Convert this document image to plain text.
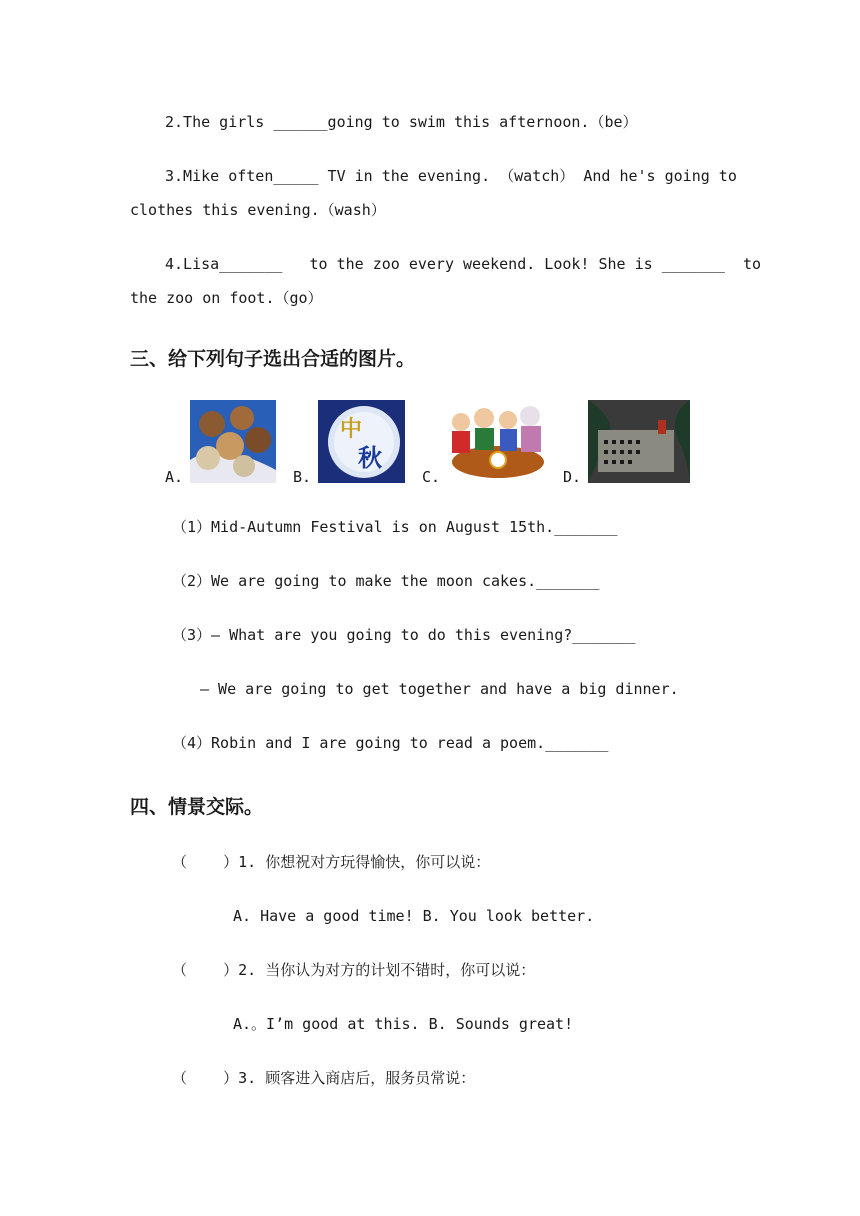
2.The girls ______going to swim this afternoon.（be）
3.Mike often_____ TV in the evening. （watch） And he's going to
clothes this evening.（wash）
4.Lisa_______   to the zoo every weekend. Look! She is _______  to
the zoo on foot.（go）
三、给下列句子选出合适的图片。
A.	B.
中
秋
C.	D.
（1）Mid-Autumn Festival is on August 15th._______
（2）We are going to make the moon cakes._______
（3）— What are you going to do this evening?_______
— We are going to get together and have a big dinner.
（4）Robin and I are going to read a poem._______
四、情景交际。
（    ）1. 你想祝对方玩得愉快，你可以说：
A. Have a good time! B. You look better.
（    ）2. 当你认为对方的计划不错时，你可以说：
A.。I’m good at this. B. Sounds great!
（    ）3. 顾客进入商店后，服务员常说：
